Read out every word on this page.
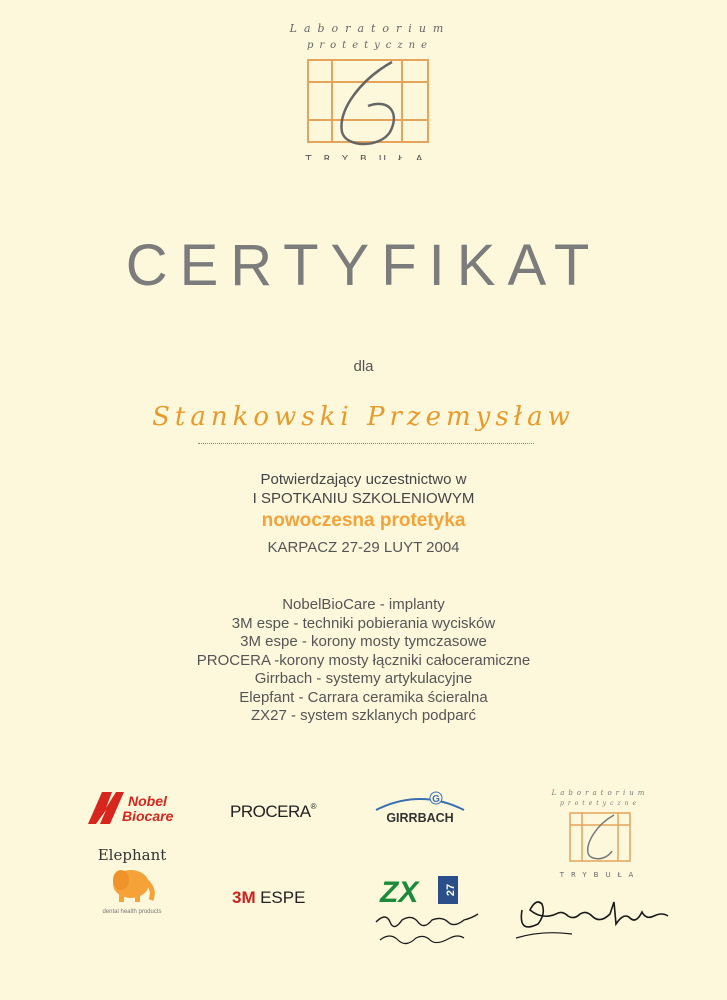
Laboratorium
protetyczne
TRYBUŁA
CERTYFIKAT
dla
Stankowski Przemysław
Potwierdzający uczestnictwo w
I SPOTKANIU SZKOLENIOWYM
nowoczesna protetyka
KARPACZ 27-29 LUYT 2004
NobelBioCare - implanty
3M espe - techniki pobierania wycisków
3M espe - korony mosty tymczasowe
PROCERA -korony mosty łączniki całoceramiczne
Girrbach - systemy artykulacyjne
Elepfant - Carrara ceramika ścieralna
ZX27 - system szklanych podparć
Nobel
Biocare	PROCERA®
G
GIRRBACH
Laboratorium
protetyczne
TRYBUŁA
Elephant
dental health products
3M ESPE	ZX 27
